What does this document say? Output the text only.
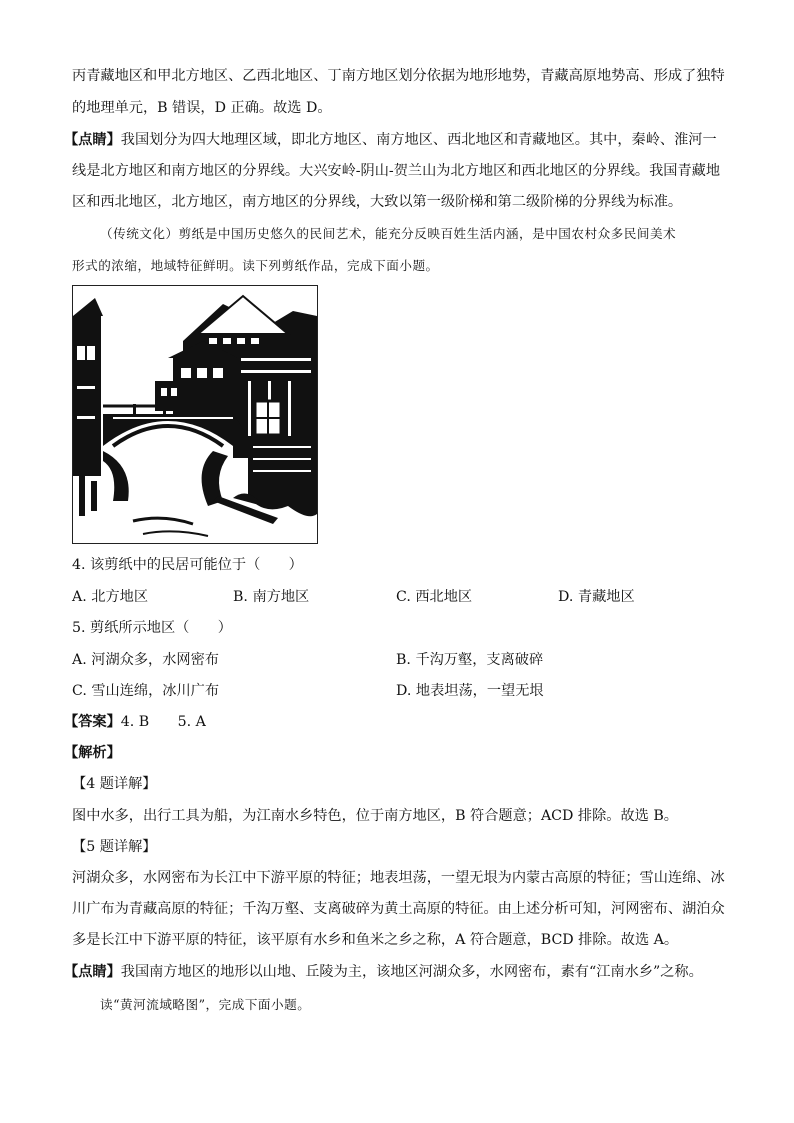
丙青藏地区和甲北方地区、乙西北地区、丁南方地区划分依据为地形地势，青藏高原地势高、形成了独特
的地理单元，B 错误，D 正确。故选 D。
【点睛】我国划分为四大地理区域，即北方地区、南方地区、西北地区和青藏地区。其中，秦岭、淮河一
线是北方地区和南方地区的分界线。大兴安岭-阴山-贺兰山为北方地区和西北地区的分界线。我国青藏地
区和西北地区，北方地区，南方地区的分界线，大致以第一级阶梯和第二级阶梯的分界线为标准。
（传统文化）剪纸是中国历史悠久的民间艺术，能充分反映百姓生活内涵，是中国农村众多民间美术
形式的浓缩，地域特征鲜明。读下列剪纸作品，完成下面小题。
4. 该剪纸中的民居可能位于（　　）
A. 北方地区	B. 南方地区	C. 西北地区	D. 青藏地区
5. 剪纸所示地区（　　）
A. 河湖众多，水网密布	B. 千沟万壑，支离破碎
C. 雪山连绵，冰川广布	D. 地表坦荡，一望无垠
【答案】4. B　　5. A
【解析】
【4 题详解】
图中水多，出行工具为船，为江南水乡特色，位于南方地区，B 符合题意；ACD 排除。故选 B。
【5 题详解】
河湖众多，水网密布为长江中下游平原的特征；地表坦荡，一望无垠为内蒙古高原的特征；雪山连绵、冰
川广布为青藏高原的特征；千沟万壑、支离破碎为黄土高原的特征。由上述分析可知，河网密布、湖泊众
多是长江中下游平原的特征，该平原有水乡和鱼米之乡之称，A 符合题意，BCD 排除。故选 A。
【点睛】我国南方地区的地形以山地、丘陵为主，该地区河湖众多，水网密布，素有“江南水乡”之称。
读“黄河流域略图”，完成下面小题。
